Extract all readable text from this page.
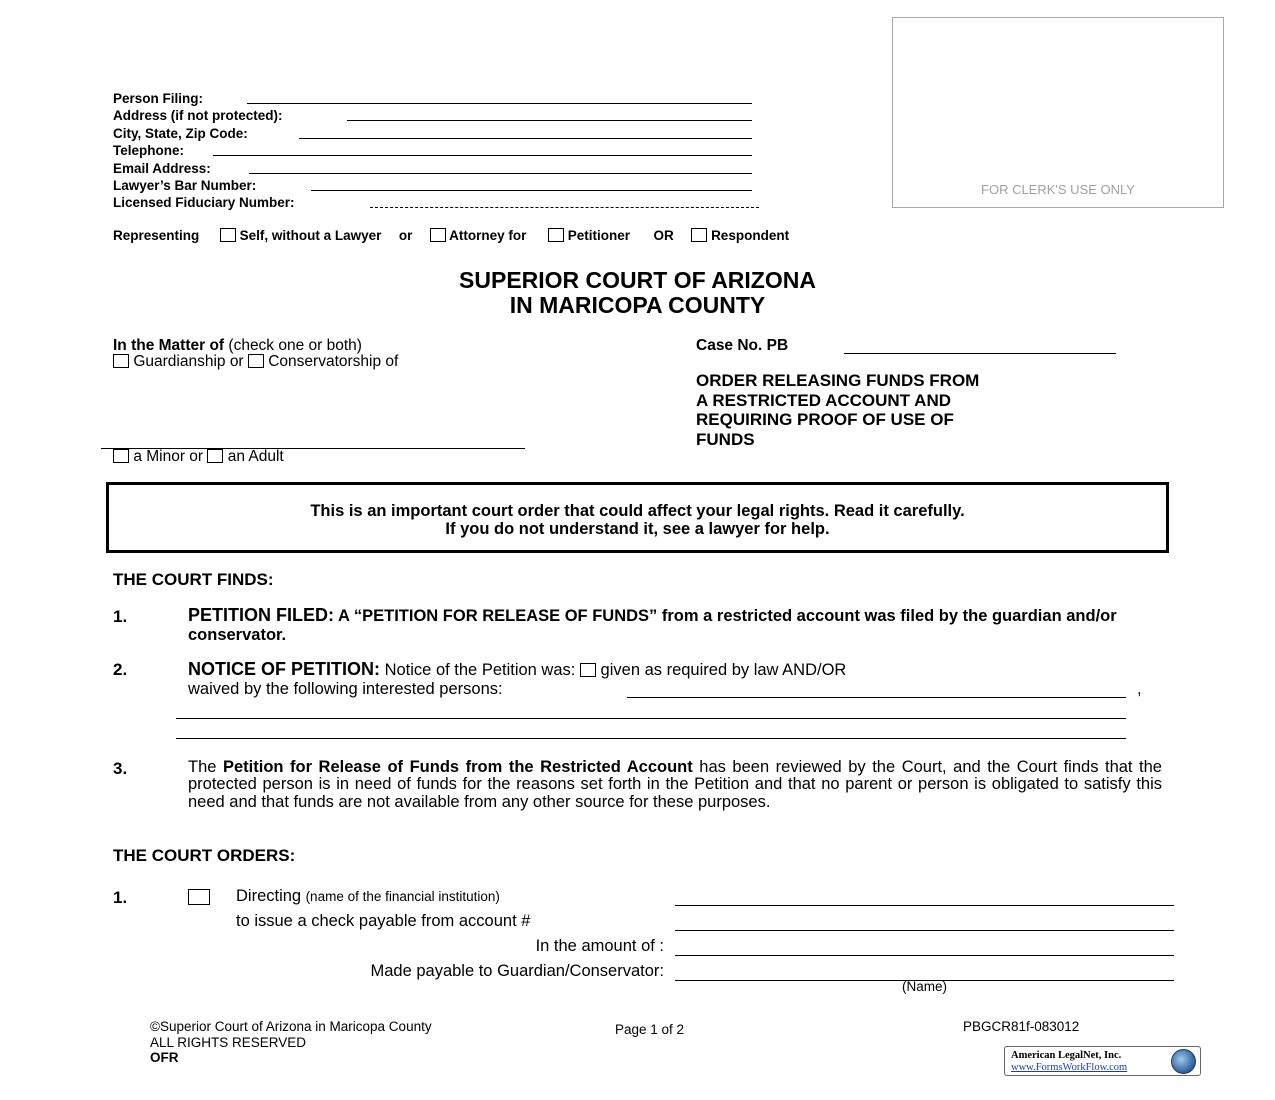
Person Filing:
Address (if not protected):
City, State, Zip Code:
Telephone:
Email Address:
Lawyer’s Bar Number:
Licensed Fiduciary Number:
FOR CLERK'S USE ONLY
Representing	Self, without a Lawyer or	Attorney for	Petitioner OR	Respondent
SUPERIOR COURT OF ARIZONA
IN MARICOPA COUNTY
In the Matter of (check one or both)
Guardianship or Conservatorship of
a Minor or an Adult
Case No. PB
ORDER RELEASING FUNDS FROM
A RESTRICTED ACCOUNT AND
REQUIRING PROOF OF USE OF
FUNDS
This is an important court order that could affect your legal rights. Read it carefully.
If you do not understand it, see a lawyer for help.
THE COURT FINDS:
1.	PETITION FILED: A “PETITION FOR RELEASE OF FUNDS” from a restricted account was filed by the guardian and/or conservator.
2.	NOTICE OF PETITION: Notice of the Petition was: given as required by law AND/OR
waived by the following interested persons:	,
3.	The Petition for Release of Funds from the Restricted Account has been reviewed by the Court, and the Court finds that the protected person is in need of funds for the reasons set forth in the Petition and that no parent or person is obligated to satisfy this need and that funds are not available from any other source for these purposes.
THE COURT ORDERS:
1.	Directing (name of the financial institution)
to issue a check payable from account #
In the amount of :
Made payable to Guardian/Conservator:
(Name)
©Superior Court of Arizona in Maricopa County
ALL RIGHTS RESERVED
OFR
Page 1 of 2	PBGCR81f-083012
American LegalNet, Inc.
www.FormsWorkFlow.com
